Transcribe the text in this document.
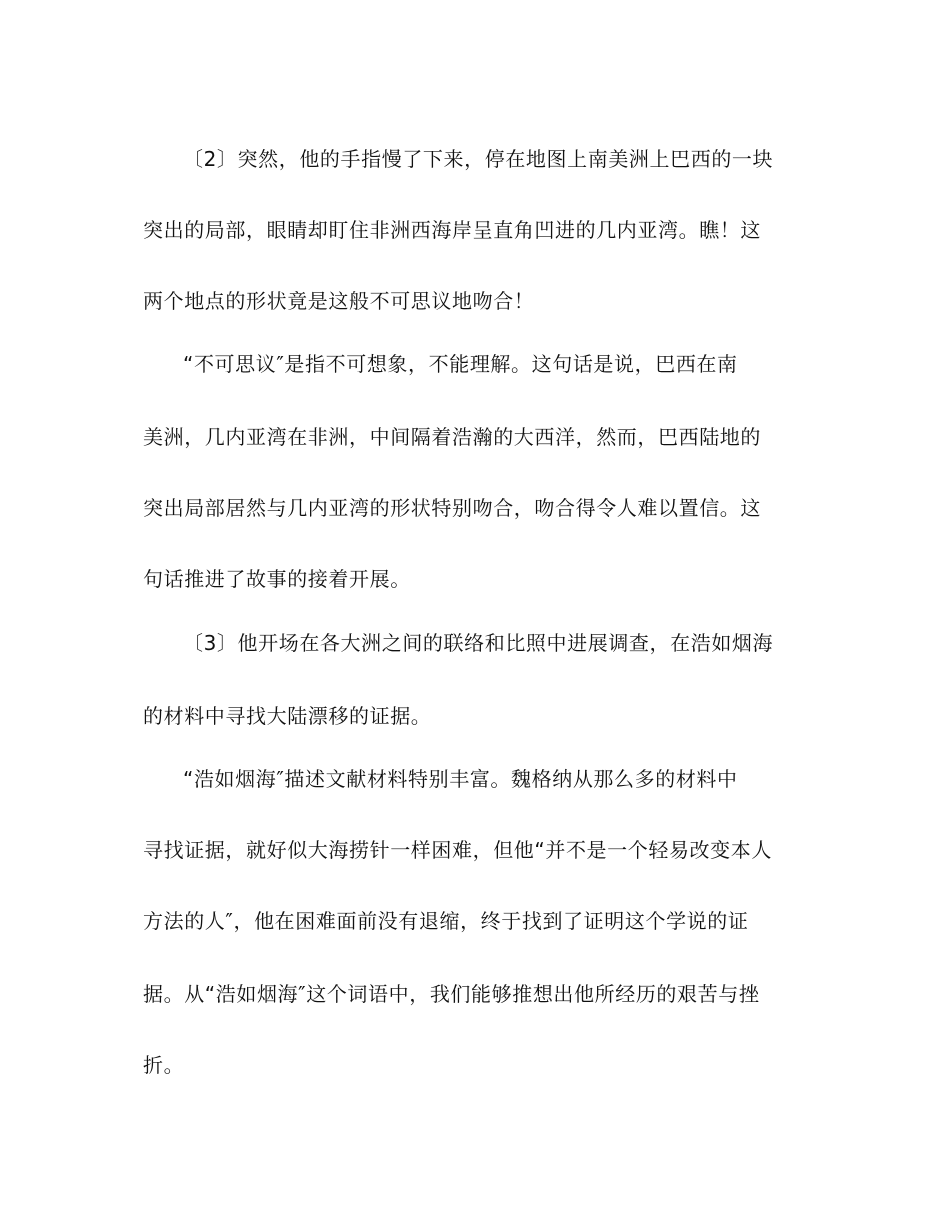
〔2〕突然，他的手指慢了下来，停在地图上南美洲上巴西的一块
突出的局部，眼睛却盯住非洲西海岸呈直角凹进的几内亚湾。瞧！这
两个地点的形状竟是这般不可思议地吻合！
“不可思议″是指不可想象，不能理解。这句话是说，巴西在南
美洲，几内亚湾在非洲，中间隔着浩瀚的大西洋，然而，巴西陆地的
突出局部居然与几内亚湾的形状特别吻合，吻合得令人难以置信。这
句话推进了故事的接着开展。
〔3〕他开场在各大洲之间的联络和比照中进展调查，在浩如烟海
的材料中寻找大陆漂移的证据。
“浩如烟海″描述文献材料特别丰富。魏格纳从那么多的材料中
寻找证据，就好似大海捞针一样困难，但他“并不是一个轻易改变本人
方法的人″，他在困难面前没有退缩，终于找到了证明这个学说的证
据。从“浩如烟海″这个词语中，我们能够推想出他所经历的艰苦与挫
折。
